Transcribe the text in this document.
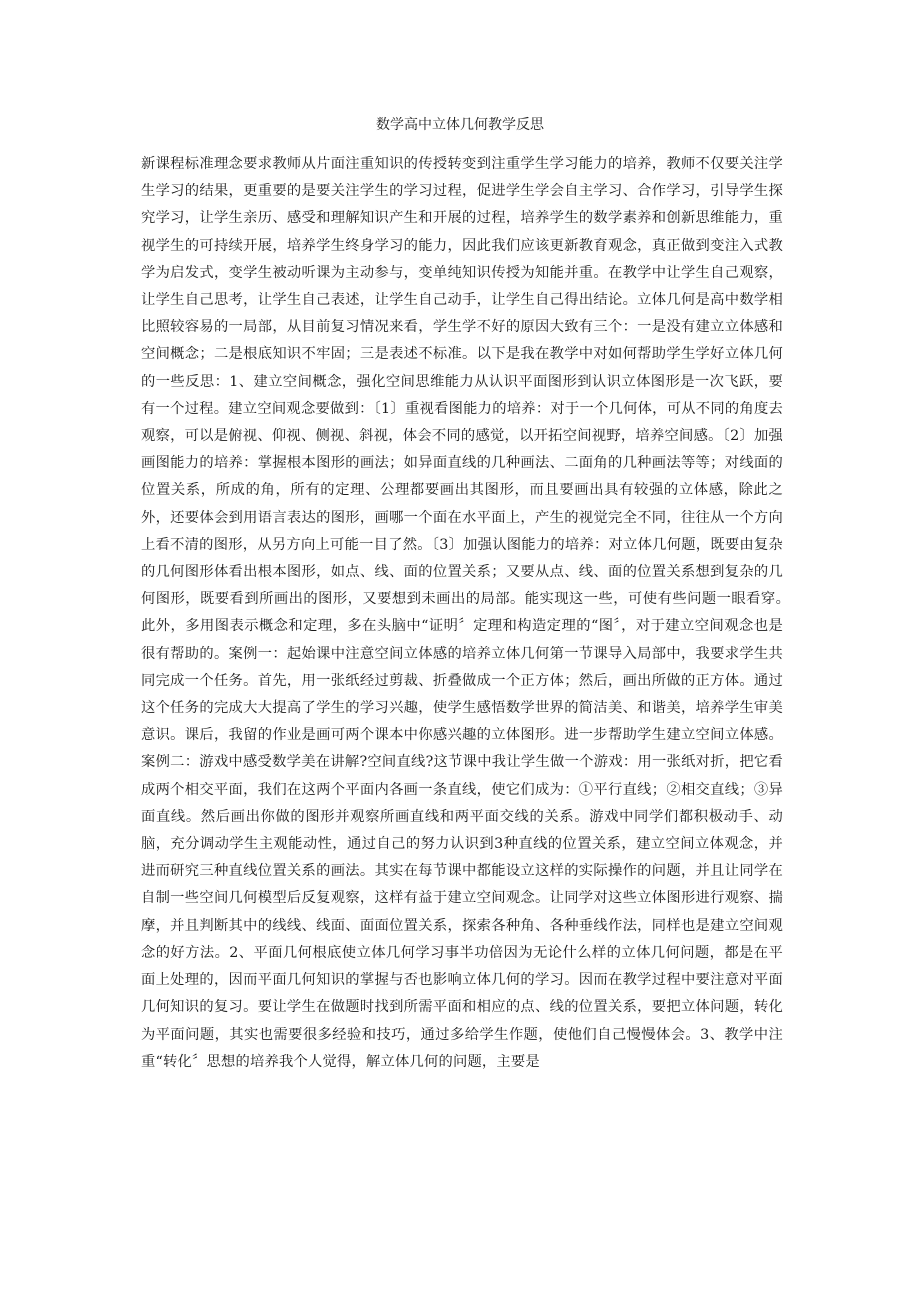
数学高中立体几何教学反思

新课程标准理念要求教师从片面注重知识的传授转变到注重学生学习能力的培养，教师不仅要关注学生学习的结果，更重要的是要关注学生的学习过程，促进学生学会自主学习、合作学习，引导学生探究学习，让学生亲历、感受和理解知识产生和开展的过程，培养学生的数学素养和创新思维能力，重视学生的可持续开展，培养学生终身学习的能力，因此我们应该更新教育观念，真正做到变注入式教学为启发式，变学生被动听课为主动参与，变单纯知识传授为知能并重。在教学中让学生自己观察，让学生自己思考，让学生自己表述，让学生自己动手，让学生自己得出结论。立体几何是高中数学相比照较容易的一局部，从目前复习情况来看，学生学不好的原因大致有三个：一是没有建立立体感和空间概念；二是根底知识不牢固；三是表述不标准。以下是我在教学中对如何帮助学生学好立体几何的一些反思：1、建立空间概念，强化空间思维能力从认识平面图形到认识立体图形是一次飞跃，要有一个过程。建立空间观念要做到：〔1〕重视看图能力的培养：对于一个几何体，可从不同的角度去观察，可以是俯视、仰视、侧视、斜视，体会不同的感觉，以开拓空间视野，培养空间感。〔2〕加强画图能力的培养：掌握根本图形的画法；如异面直线的几种画法、二面角的几种画法等等；对线面的位置关系，所成的角，所有的定理、公理都要画出其图形，而且要画出具有较强的立体感，除此之外，还要体会到用语言表达的图形，画哪一个面在水平面上，产生的视觉完全不同，往往从一个方向上看不清的图形，从另方向上可能一目了然。〔3〕加强认图能力的培养：对立体几何题，既要由复杂的几何图形体看出根本图形，如点、线、面的位置关系；又要从点、线、面的位置关系想到复杂的几何图形，既要看到所画出的图形，又要想到未画出的局部。能实现这一些，可使有些问题一眼看穿。　　此外，多用图表示概念和定理，多在头脑中“证明〞定理和构造定理的“图〞，对于建立空间观念也是很有帮助的。案例一：起始课中注意空间立体感的培养立体几何第一节课导入局部中，我要求学生共同完成一个任务。首先，用一张纸经过剪裁、折叠做成一个正方体；然后，画出所做的正方体。通过这个任务的完成大大提高了学生的学习兴趣，使学生感悟数学世界的简洁美、和谐美，培养学生审美意识。课后，我留的作业是画可两个课本中你感兴趣的立体图形。进一步帮助学生建立空间立体感。案例二：游戏中感受数学美在讲解?空间直线?这节课中我让学生做一个游戏：用一张纸对折，把它看成两个相交平面，我们在这两个平面内各画一条直线，使它们成为：①平行直线；②相交直线；③异面直线。然后画出你做的图形并观察所画直线和两平面交线的关系。游戏中同学们都积极动手、动脑，充分调动学生主观能动性，通过自己的努力认识到3种直线的位置关系，建立空间立体观念，并进而研究三种直线位置关系的画法。其实在每节课中都能设立这样的实际操作的问题，并且让同学在自制一些空间几何模型后反复观察，这样有益于建立空间观念。让同学对这些立体图形进行观察、揣摩，并且判断其中的线线、线面、面面位置关系，探索各种角、各种垂线作法，同样也是建立空间观念的好方法。2、平面几何根底使立体几何学习事半功倍因为无论什么样的立体几何问题，都是在平面上处理的，因而平面几何知识的掌握与否也影响立体几何的学习。因而在教学过程中要注意对平面几何知识的复习。要让学生在做题时找到所需平面和相应的点、线的位置关系，要把立体问题，转化为平面问题，其实也需要很多经验和技巧，通过多给学生作题，使他们自己慢慢体会。3、教学中注重“转化〞思想的培养我个人觉得，解立体几何的问题，主要是
